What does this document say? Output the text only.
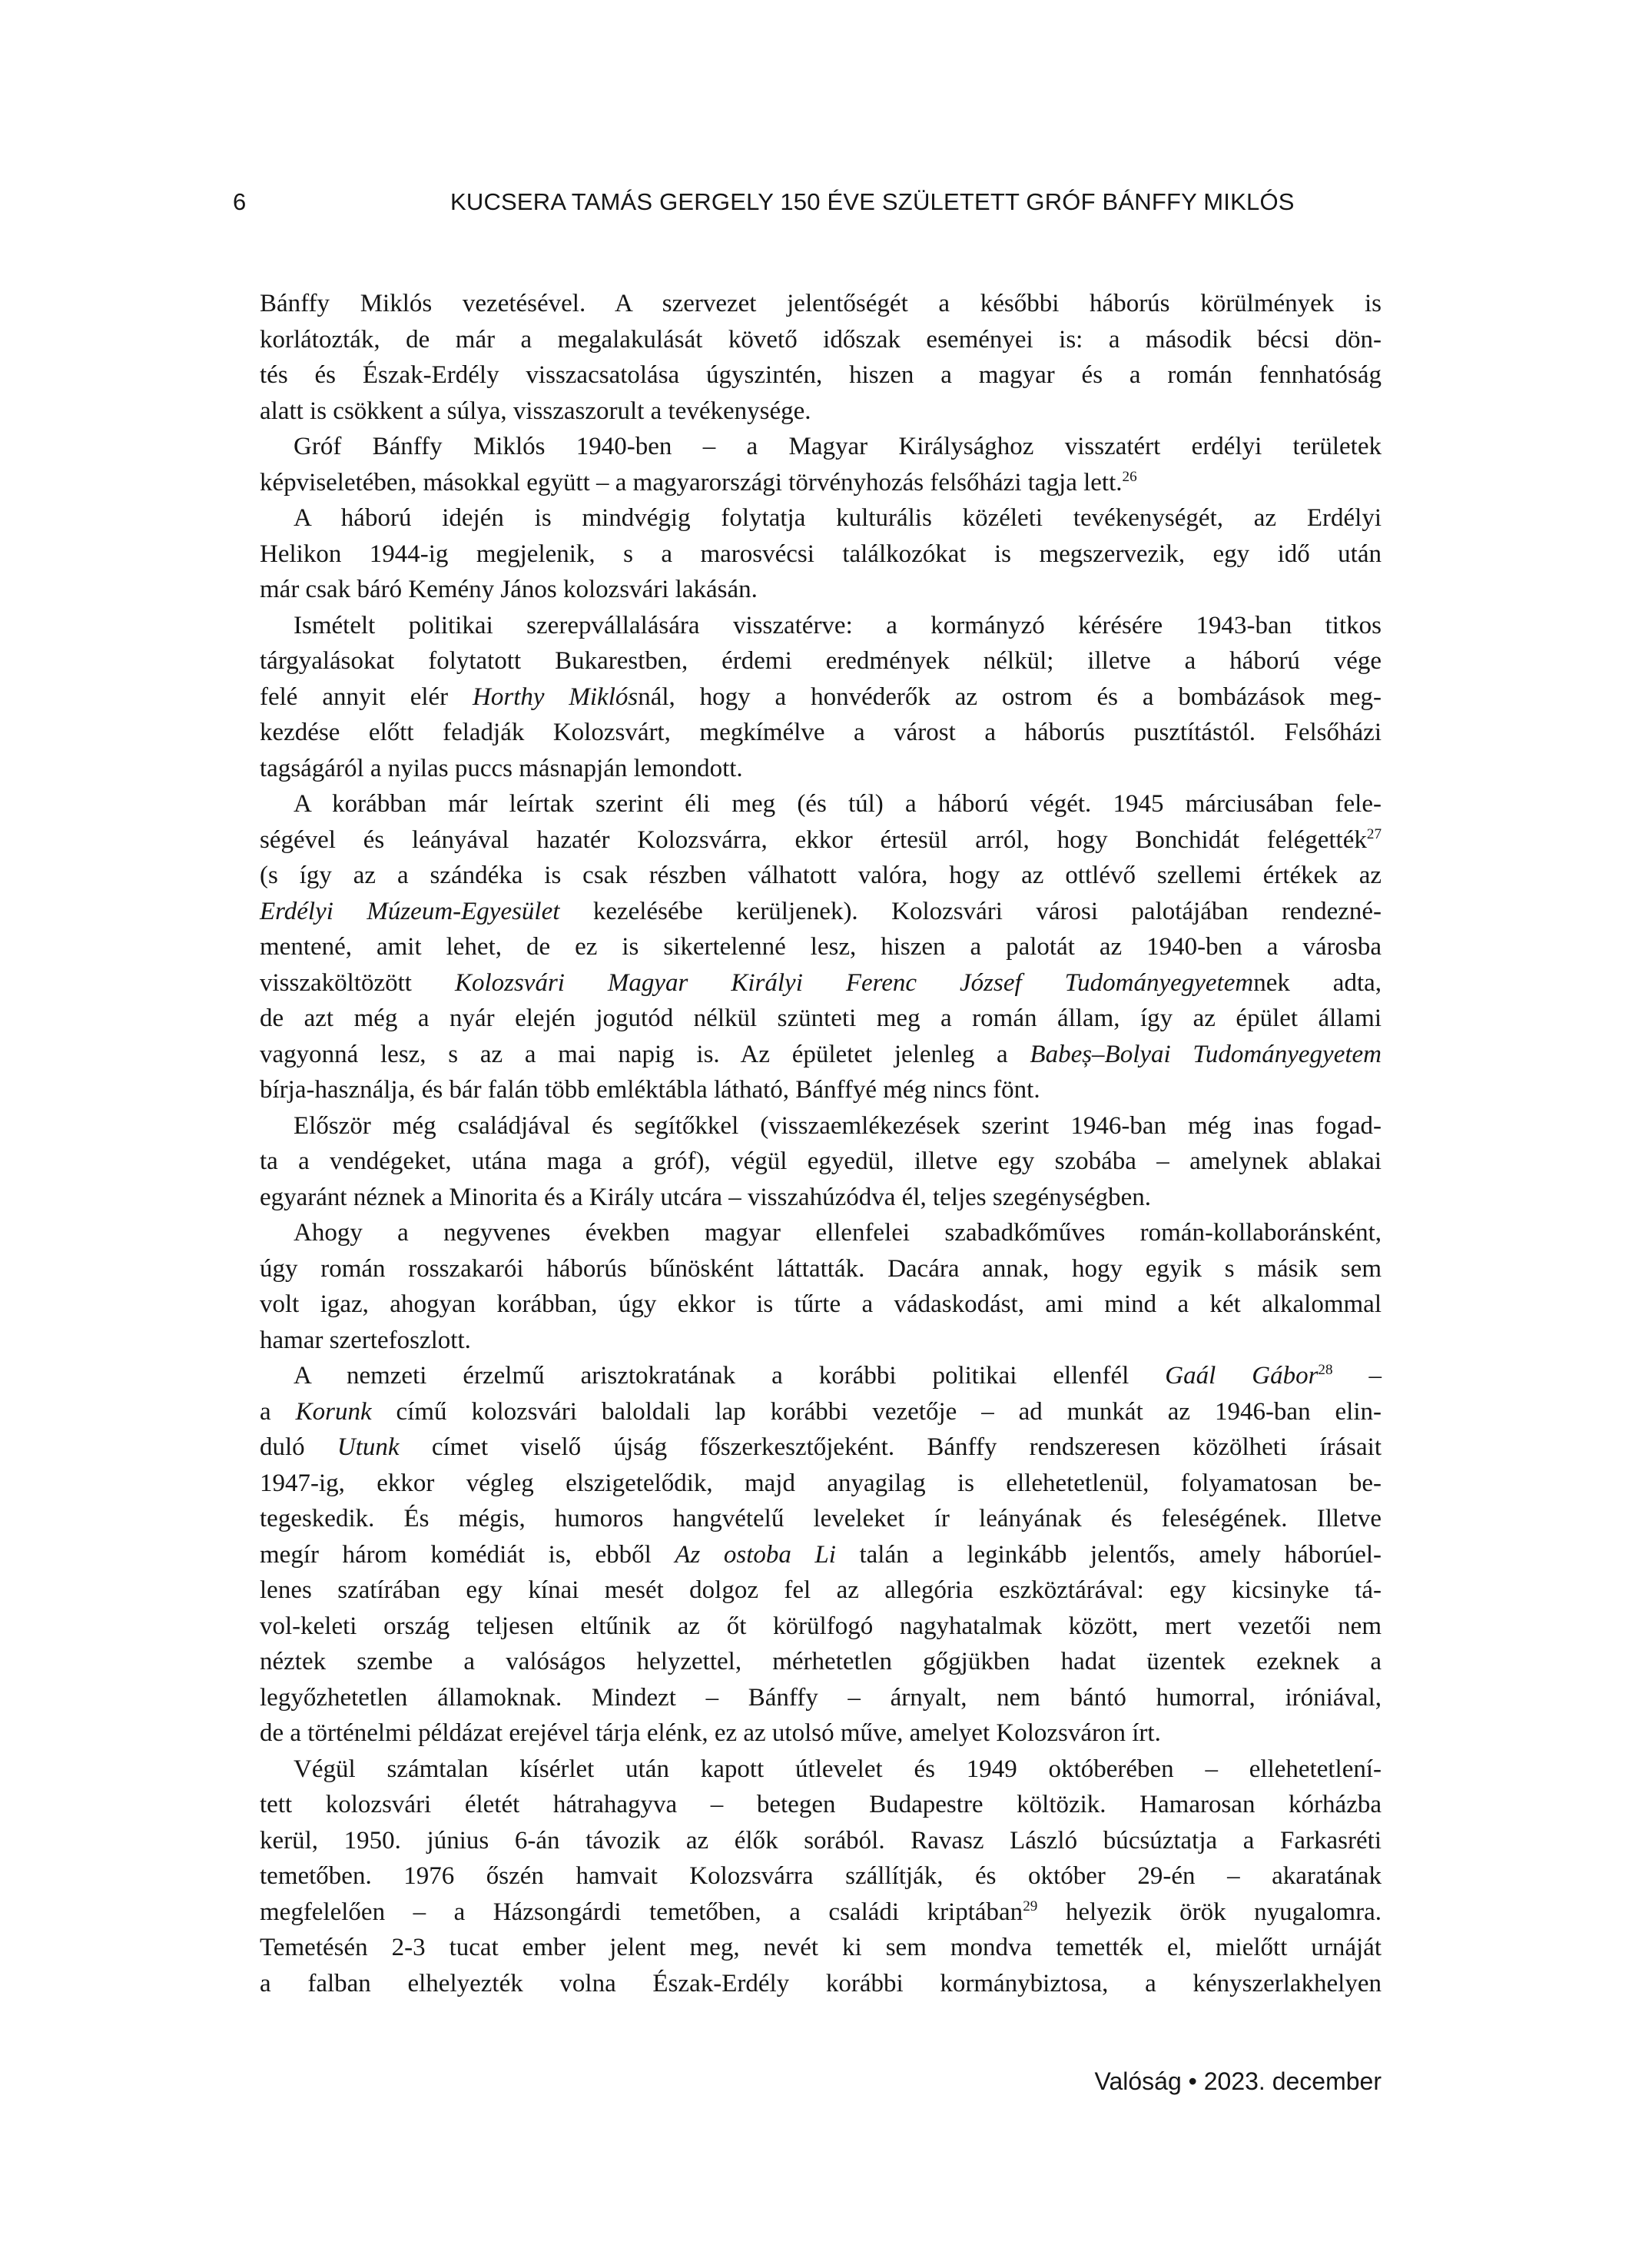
6	KUCSERA TAMÁS GERGELY 150 ÉVE SZÜLETETT GRÓF BÁNFFY MIKLÓS
Bánffy Miklós vezetésével. A szervezet jelentőségét a későbbi háborús körülmények is
korlátozták, de már a megalakulását követő időszak eseményei is: a második bécsi dön-
tés és Észak-Erdély visszacsatolása úgyszintén, hiszen a magyar és a román fennhatóság
alatt is csökkent a súlya, visszaszorult a tevékenysége.
Gróf Bánffy Miklós 1940-ben – a Magyar Királysághoz visszatért erdélyi területek
képviseletében, másokkal együtt – a magyarországi törvényhozás felsőházi tagja lett.$^{26}$
A háború idején is mindvégig folytatja kulturális közéleti tevékenységét, az Erdélyi
Helikon 1944-ig megjelenik, s a marosvécsi találkozókat is megszervezik, egy idő után
már csak báró Kemény János kolozsvári lakásán.
Ismételt politikai szerepvállalására visszatérve: a kormányzó kérésére 1943-ban titkos
tárgyalásokat folytatott Bukarestben, érdemi eredmények nélkül; illetve a háború vége
felé annyit elér Horthy Miklósnál, hogy a honvéderők az ostrom és a bombázások meg-
kezdése előtt feladják Kolozsvárt, megkímélve a várost a háborús pusztítástól. Felsőházi
tagságáról a nyilas puccs másnapján lemondott.
A korábban már leírtak szerint éli meg (és túl) a háború végét. 1945 márciusában fele-
ségével és leányával hazatér Kolozsvárra, ekkor értesül arról, hogy Bonchidát felégették$^{27}$
(s így az a szándéka is csak részben válhatott valóra, hogy az ottlévő szellemi értékek az
Erdélyi Múzeum-Egyesület kezelésébe kerüljenek). Kolozsvári városi palotájában rendezné-
mentené, amit lehet, de ez is sikertelenné lesz, hiszen a palotát az 1940-ben a városba
visszaköltözött Kolozsvári Magyar Királyi Ferenc József Tudományegyetemnek adta,
de azt még a nyár elején jogutód nélkül szünteti meg a román állam, így az épület állami
vagyonná lesz, s az a mai napig is. Az épületet jelenleg a Babeș–Bolyai Tudományegyetem
bírja-használja, és bár falán több emléktábla látható, Bánffyé még nincs fönt.
Először még családjával és segítőkkel (visszaemlékezések szerint 1946-ban még inas fogad-
ta a vendégeket, utána maga a gróf), végül egyedül, illetve egy szobába – amelynek ablakai
egyaránt néznek a Minorita és a Király utcára – visszahúzódva él, teljes szegénységben.
Ahogy a negyvenes években magyar ellenfelei szabadkőműves román-kollaboránsként,
úgy román rosszakarói háborús bűnösként láttatták. Dacára annak, hogy egyik s másik sem
volt igaz, ahogyan korábban, úgy ekkor is tűrte a vádaskodást, ami mind a két alkalommal
hamar szertefoszlott.
A nemzeti érzelmű arisztokratának a korábbi politikai ellenfél Gaál Gábor$^{28}$ –
a Korunk című kolozsvári baloldali lap korábbi vezetője – ad munkát az 1946-ban elin-
duló Utunk címet viselő újság főszerkesztőjeként. Bánffy rendszeresen közölheti írásait
1947-ig, ekkor végleg elszigetelődik, majd anyagilag is ellehetetlenül, folyamatosan be-
tegeskedik. És mégis, humoros hangvételű leveleket ír leányának és feleségének. Illetve
megír három komédiát is, ebből Az ostoba Li talán a leginkább jelentős, amely háborúel-
lenes szatírában egy kínai mesét dolgoz fel az allegória eszköztárával: egy kicsinyke tá-
vol-keleti ország teljesen eltűnik az őt körülfogó nagyhatalmak között, mert vezetői nem
néztek szembe a valóságos helyzettel, mérhetetlen gőgjükben hadat üzentek ezeknek a
legyőzhetetlen államoknak. Mindezt – Bánffy – árnyalt, nem bántó humorral, iróniával,
de a történelmi példázat erejével tárja elénk, ez az utolsó műve, amelyet Kolozsváron írt.
Végül számtalan kísérlet után kapott útlevelet és 1949 októberében – ellehetetlení-
tett kolozsvári életét hátrahagyva – betegen Budapestre költözik. Hamarosan kórházba
kerül, 1950. június 6-án távozik az élők sorából. Ravasz László búcsúztatja a Farkasréti
temetőben. 1976 őszén hamvait Kolozsvárra szállítják, és október 29-én – akaratának
megfelelően – a Házsongárdi temetőben, a családi kriptában$^{29}$ helyezik örök nyugalomra.
Temetésén 2-3 tucat ember jelent meg, nevét ki sem mondva temették el, mielőtt urnáját
a falban elhelyezték volna Észak-Erdély korábbi kormánybiztosa, a kényszerlakhelyen
Valóság • 2023. december
